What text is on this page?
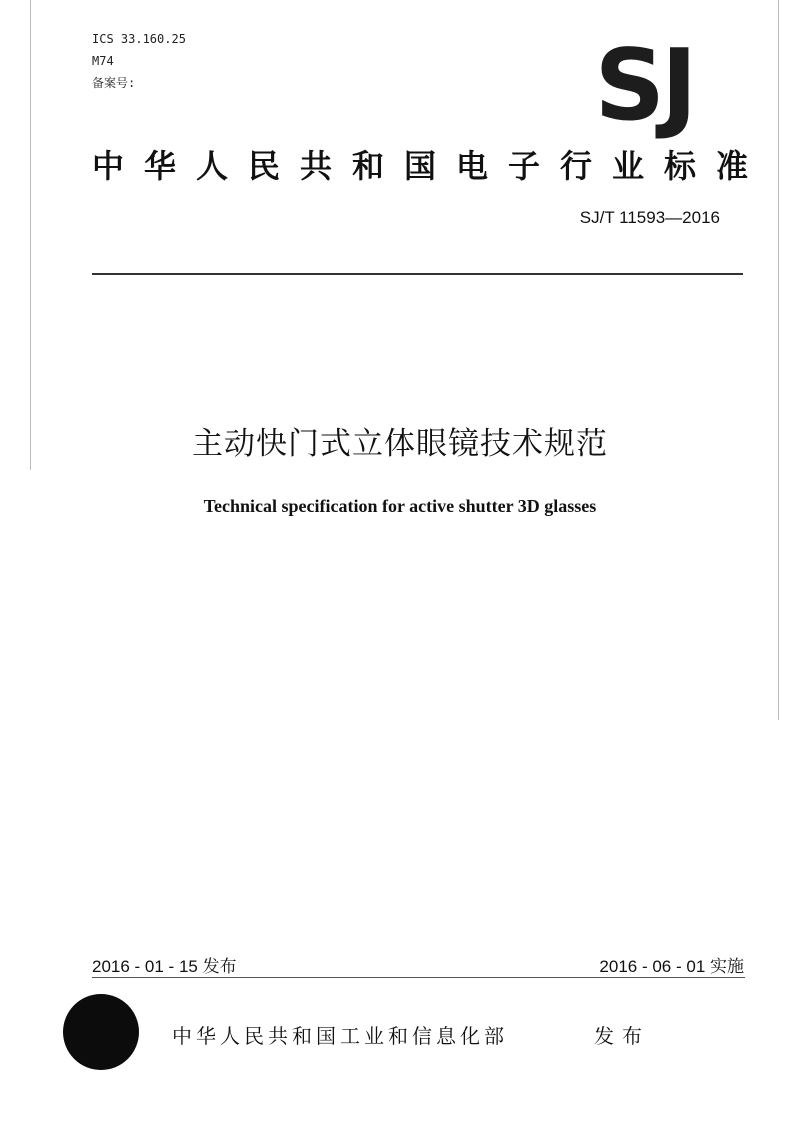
ICS 33.160.25
M74
备案号:	SJ
中华人民共和国电子行业标准
SJ/T 11593—2016
主动快门式立体眼镜技术规范
Technical specification for active shutter 3D glasses
2016 - 01 - 15 发布	2016 - 06 - 01 实施
中华人民共和国工业和信息化部	发布
